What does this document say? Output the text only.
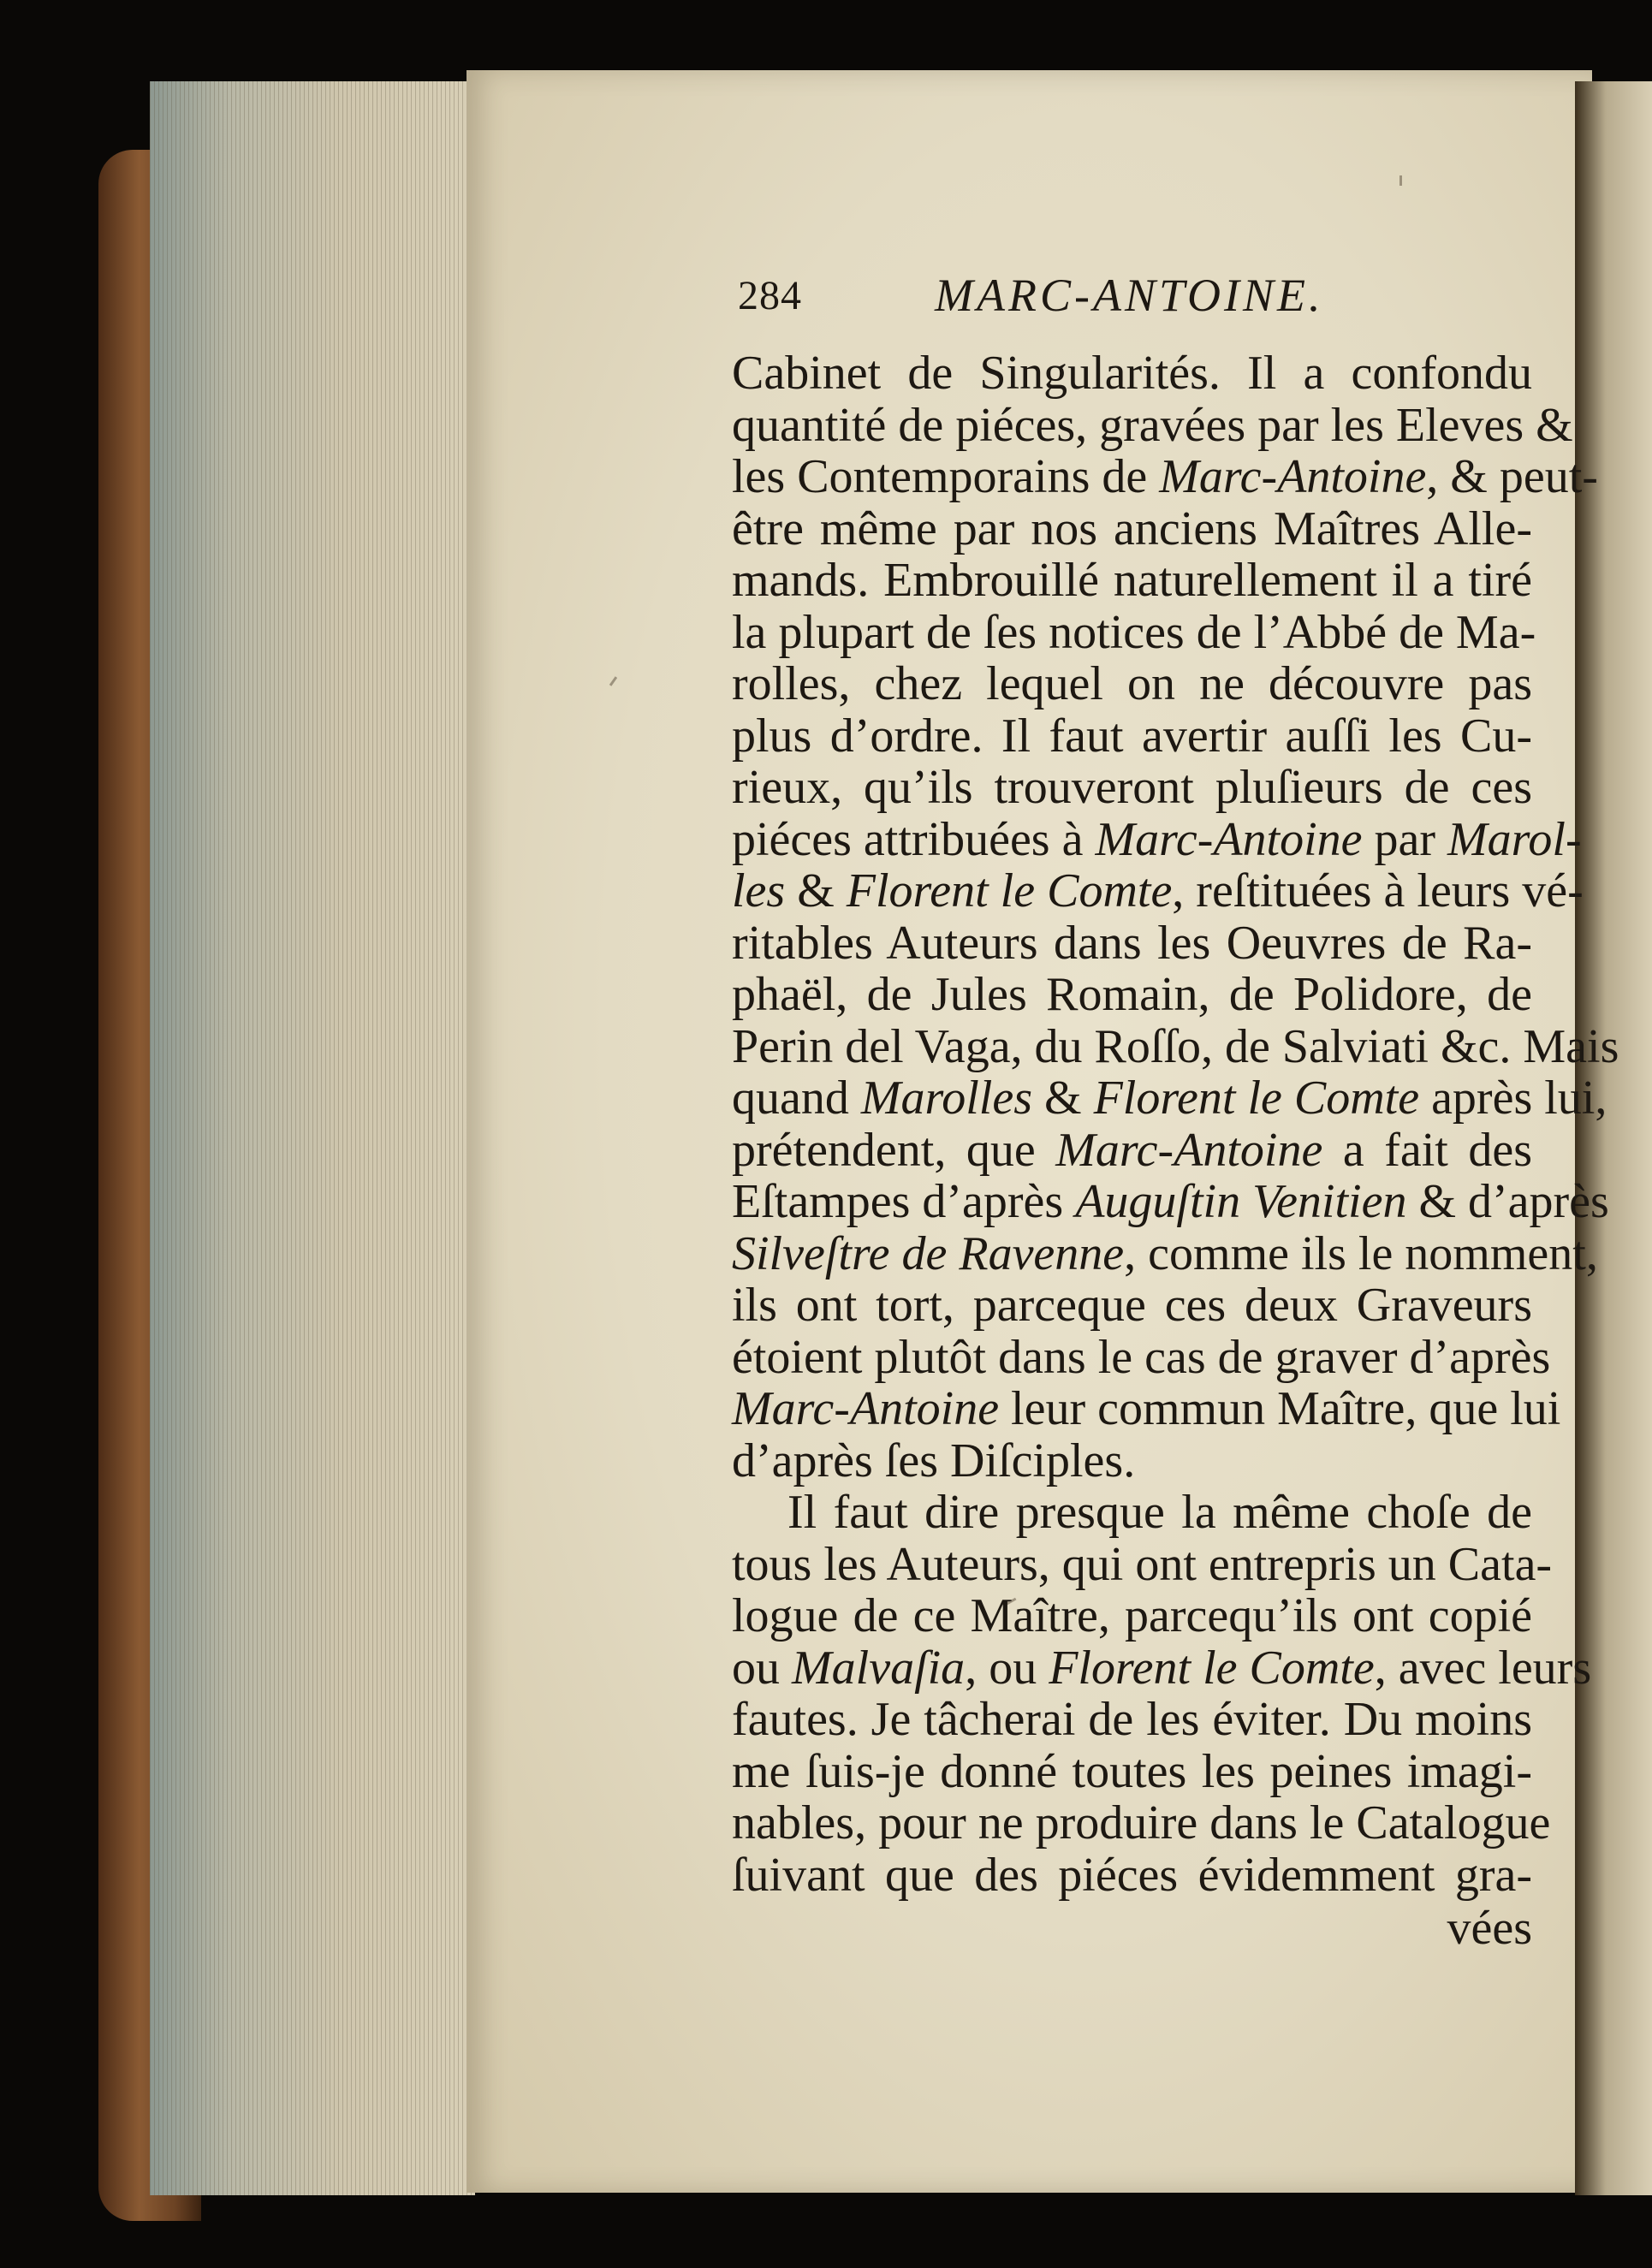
284	MARC-ANTOINE.
Cabinet de Singularités. Il a confondu
quantité de piéces, gravées par les Eleves &
les Contemporains de Marc-Antoine, & peut-
être même par nos anciens Maîtres Alle-
mands. Embrouillé naturellement il a tiré
la plupart de ſes notices de l’Abbé de Ma-
rolles, chez lequel on ne découvre pas
plus d’ordre. Il faut avertir auſſi les Cu-
rieux, qu’ils trouveront pluſieurs de ces
piéces attribuées à Marc-Antoine par Marol-
les & Florent le Comte, reſtituées à leurs vé-
ritables Auteurs dans les Oeuvres de Ra-
phaël, de Jules Romain, de Polidore, de
Perin del Vaga, du Roſſo, de Salviati &c. Mais
quand Marolles & Florent le Comte après lui,
prétendent, que Marc-Antoine a fait des
Eſtampes d’après Auguſtin Venitien & d’après
Silveſtre de Ravenne, comme ils le nomment,
ils ont tort, parceque ces deux Graveurs
étoient plutôt dans le cas de graver d’après
Marc-Antoine leur commun Maître, que lui
d’après ſes Diſciples.
Il faut dire presque la même choſe de
tous les Auteurs, qui ont entrepris un Cata-
logue de ce Maître, parcequ’ils ont copié
ou Malvaſia, ou Florent le Comte, avec leurs
fautes. Je tâcherai de les éviter. Du moins
me ſuis-je donné toutes les peines imagi-
nables, pour ne produire dans le Catalogue
ſuivant que des piéces évidemment gra-
vées
